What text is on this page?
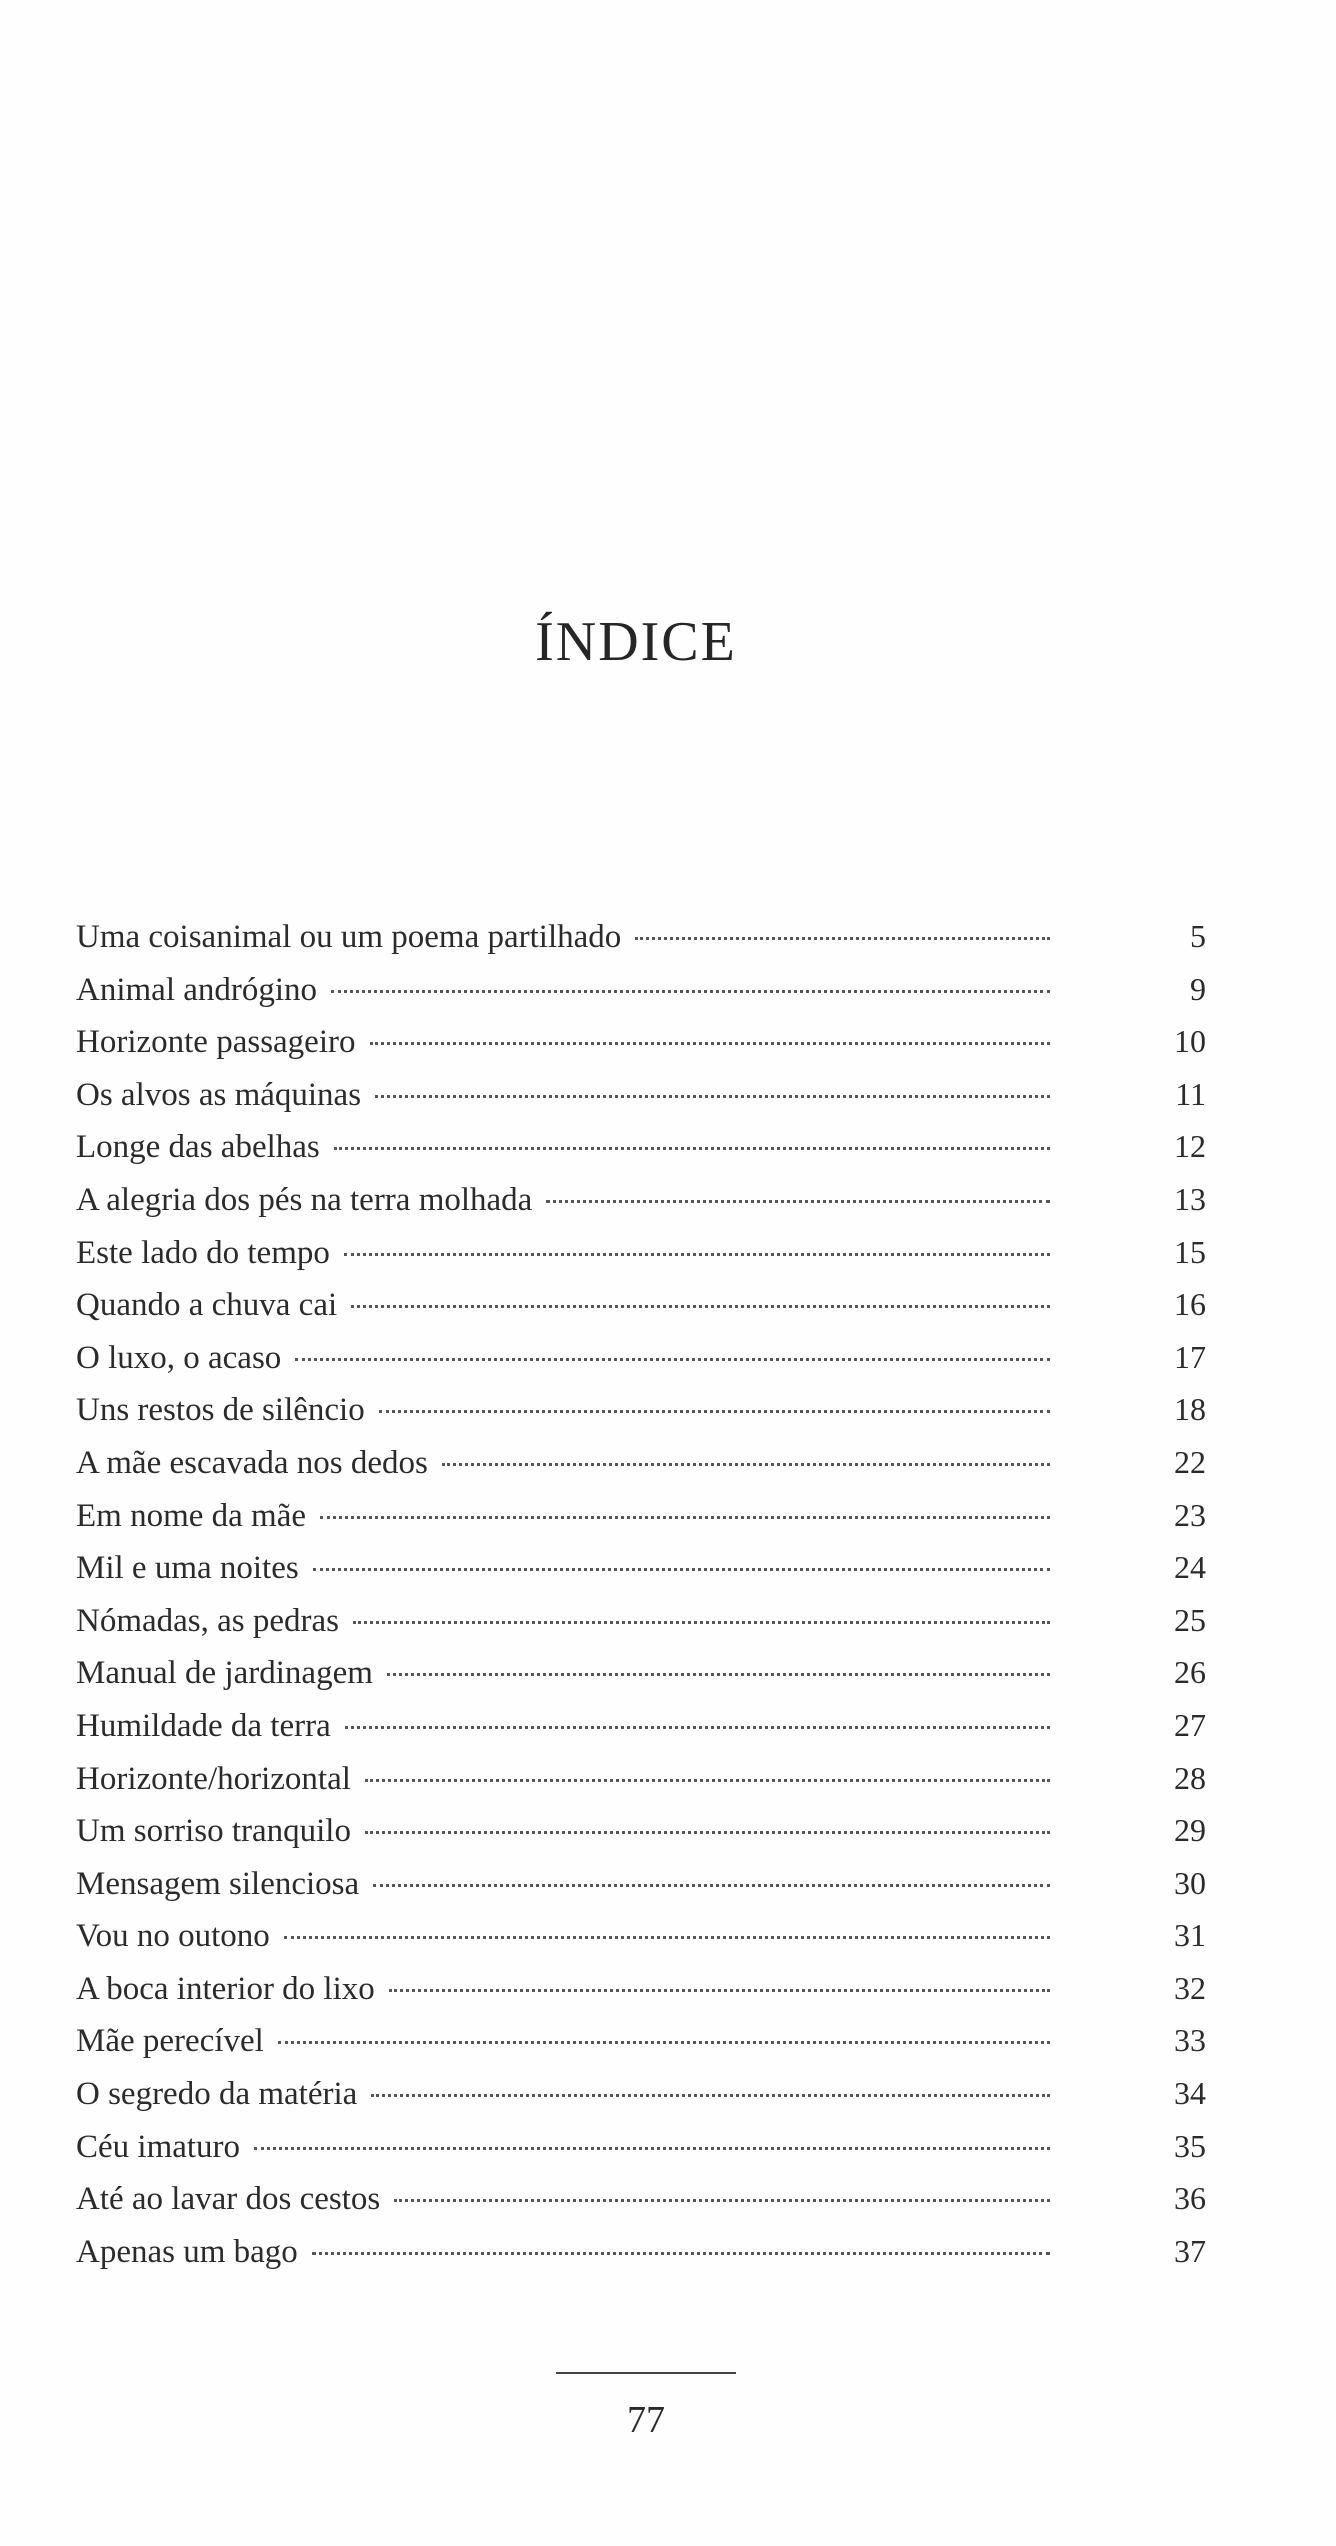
ÍNDICE
Uma coisanimal ou um poema partilhado	5
Animal andrógino	9
Horizonte passageiro	10
Os alvos as máquinas	11
Longe das abelhas	12
A alegria dos pés na terra molhada	13
Este lado do tempo	15
Quando a chuva cai	16
O luxo, o acaso	17
Uns restos de silêncio	18
A mãe escavada nos dedos	22
Em nome da mãe	23
Mil e uma noites	24
Nómadas, as pedras	25
Manual de jardinagem	26
Humildade da terra	27
Horizonte/horizontal	28
Um sorriso tranquilo	29
Mensagem silenciosa	30
Vou no outono	31
A boca interior do lixo	32
Mãe perecível	33
O segredo da matéria	34
Céu imaturo	35
Até ao lavar dos cestos	36
Apenas um bago	37
77
